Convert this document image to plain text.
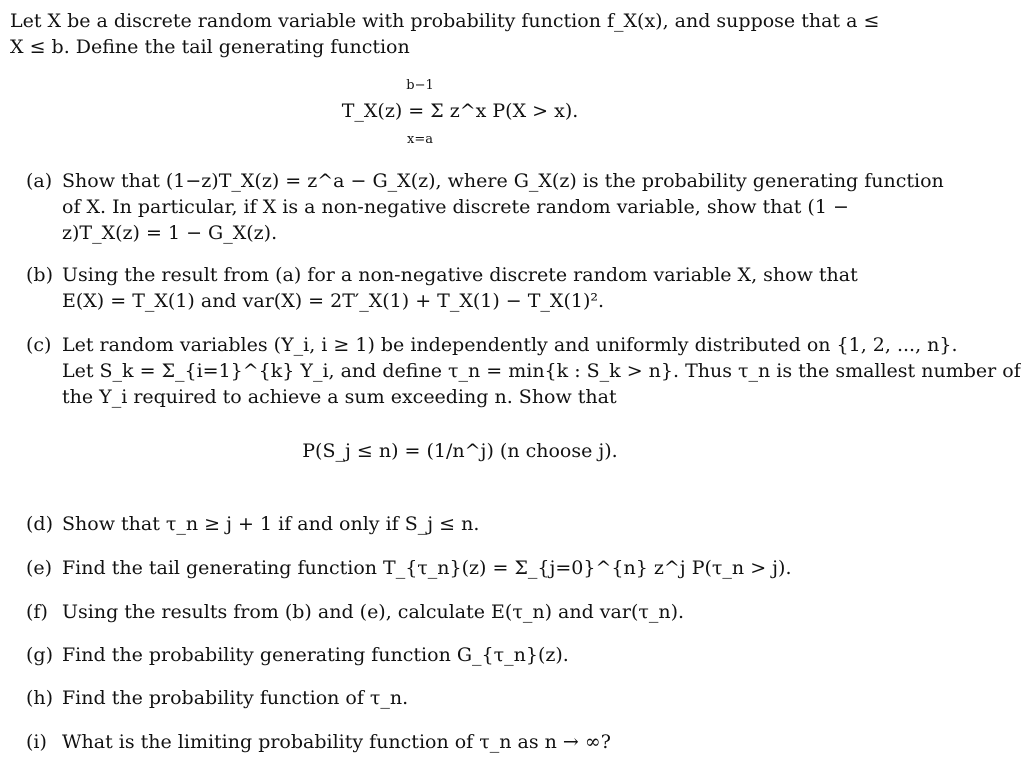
Let X be a discrete random variable with probability function f_X(x), and suppose that a ≤
X ≤ b. Define the tail generating function
b−1
T_X(z) = Σ z^x P(X > x).
x=a
(a) Show that (1−z)T_X(z) = z^a − G_X(z), where G_X(z) is the probability generating function
of X. In particular, if X is a non-negative discrete random variable, show that (1 −
z)T_X(z) = 1 − G_X(z).
(b) Using the result from (a) for a non-negative discrete random variable X, show that
E(X) = T_X(1) and var(X) = 2T′_X(1) + T_X(1) − T_X(1)².
(c) Let random variables (Y_i, i ≥ 1) be independently and uniformly distributed on {1, 2, ..., n}.
Let S_k = Σ_{i=1}^{k} Y_i, and define τ_n = min{k : S_k > n}. Thus τ_n is the smallest number of
the Y_i required to achieve a sum exceeding n. Show that
P(S_j ≤ n) = (1/n^j) (n choose j).
(d) Show that τ_n ≥ j + 1 if and only if S_j ≤ n.
(e) Find the tail generating function T_{τ_n}(z) = Σ_{j=0}^{n} z^j P(τ_n > j).
(f) Using the results from (b) and (e), calculate E(τ_n) and var(τ_n).
(g) Find the probability generating function G_{τ_n}(z).
(h) Find the probability function of τ_n.
(i) What is the limiting probability function of τ_n as n → ∞?
